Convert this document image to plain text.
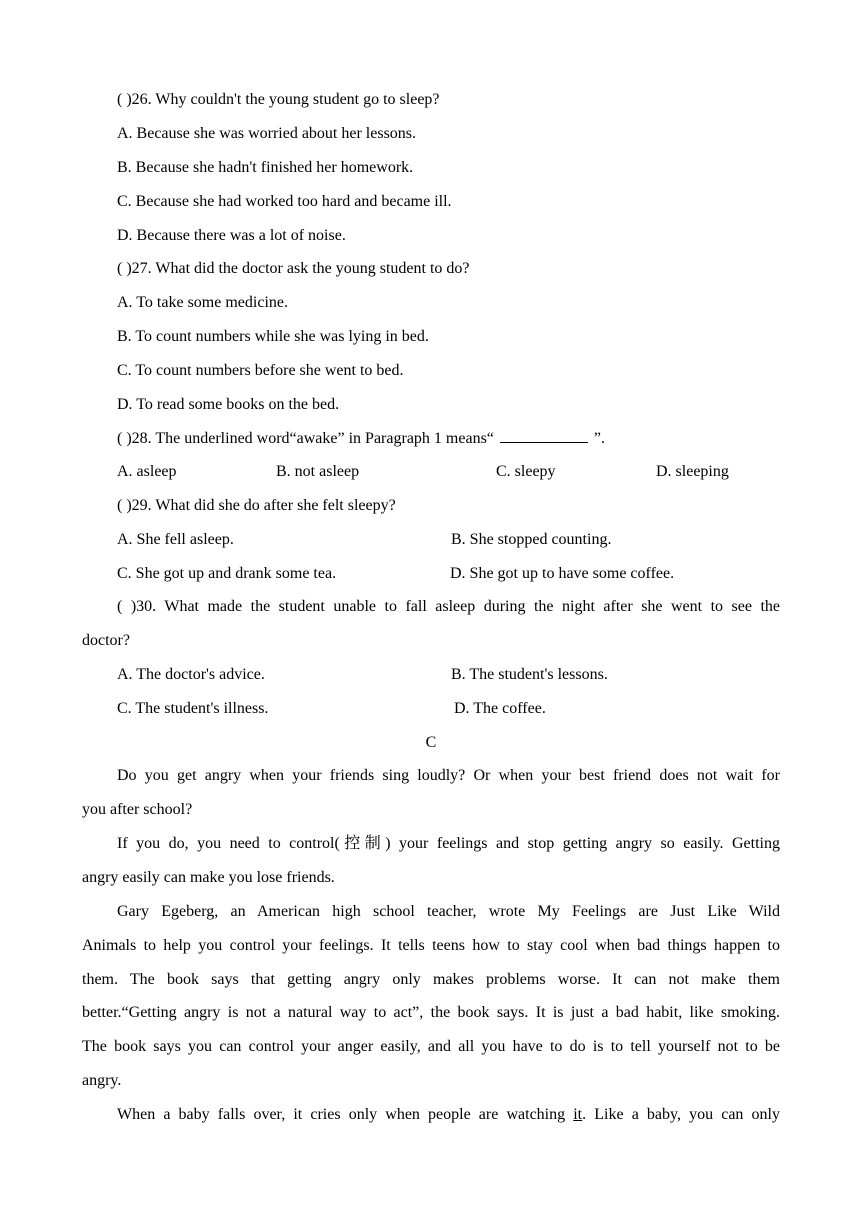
( )26. Why couldn't the young student go to sleep?
A. Because she was worried about her lessons.
B. Because she hadn't finished her homework.
C. Because she had worked too hard and became ill.
D. Because there was a lot of noise.
( )27. What did the doctor ask the young student to do?
A. To take some medicine.
B. To count numbers while she was lying in bed.
C. To count numbers before she went to bed.
D. To read some books on the bed.
( )28. The underlined word“awake” in Paragraph 1 means“	”.
A. asleep	B. not asleep	C. sleepy	D. sleeping
( )29. What did she do after she felt sleepy?
A. She fell asleep.	B. She stopped counting.
C. She got up and drank some tea.	D. She got up to have some coffee.
( )30. What made the student unable to fall asleep during the night after she went to see the
doctor?
A. The doctor's advice.	B. The student's lessons.
C. The student's illness.	D. The coffee.
C
Do you get angry when your friends sing loudly? Or when your best friend does not wait for
you after school?
If you do, you need to control(控制) your feelings and stop getting angry so easily. Getting
angry easily can make you lose friends.
Gary Egeberg, an American high school teacher, wrote My Feelings are Just Like Wild
Animals to help you control your feelings. It tells teens how to stay cool when bad things happen to
them. The book says that getting angry only makes problems worse. It can not make them
better.“Getting angry is not a natural way to act”, the book says. It is just a bad habit, like smoking.
The book says you can control your anger easily, and all you have to do is to tell yourself not to be
angry.
When a baby falls over, it cries only when people are watching it. Like a baby, you can only
